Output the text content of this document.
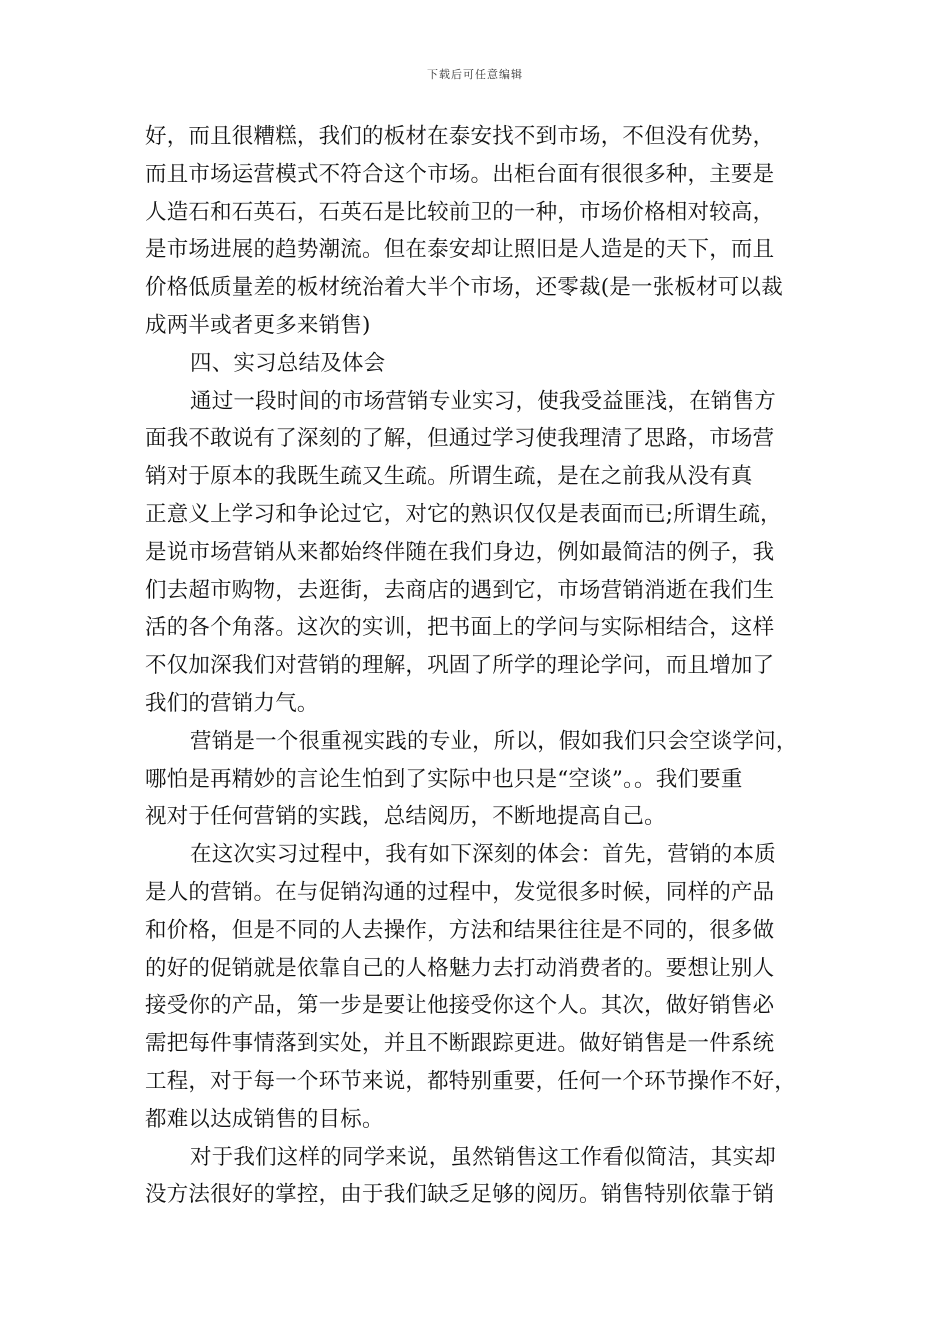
下载后可任意编辑
好，而且很糟糕，我们的板材在泰安找不到市场，不但没有优势，
而且市场运营模式不符合这个市场。出柜台面有很很多种，主要是
人造石和石英石，石英石是比较前卫的一种，市场价格相对较高，
是市场进展的趋势潮流。但在泰安却让照旧是人造是的天下，而且
价格低质量差的板材统治着大半个市场，还零裁(是一张板材可以裁
成两半或者更多来销售)
四、实习总结及体会
通过一段时间的市场营销专业实习，使我受益匪浅，在销售方
面我不敢说有了深刻的了解，但通过学习使我理清了思路，市场营
销对于原本的我既生疏又生疏。所谓生疏，是在之前我从没有真
正意义上学习和争论过它，对它的熟识仅仅是表面而已;所谓生疏，
是说市场营销从来都始终伴随在我们身边，例如最简洁的例子，我
们去超市购物，去逛街，去商店的遇到它，市场营销消逝在我们生
活的各个角落。这次的实训，把书面上的学问与实际相结合，这样
不仅加深我们对营销的理解，巩固了所学的理论学问，而且增加了
我们的营销力气。
营销是一个很重视实践的专业，所以，假如我们只会空谈学问，
哪怕是再精妙的言论生怕到了实际中也只是“空谈”。。我们要重
视对于任何营销的实践，总结阅历，不断地提高自己。
在这次实习过程中，我有如下深刻的体会：首先，营销的本质
是人的营销。在与促销沟通的过程中，发觉很多时候，同样的产品
和价格，但是不同的人去操作，方法和结果往往是不同的，很多做
的好的促销就是依靠自己的人格魅力去打动消费者的。要想让别人
接受你的产品，第一步是要让他接受你这个人。其次，做好销售必
需把每件事情落到实处，并且不断跟踪更进。做好销售是一件系统
工程，对于每一个环节来说，都特别重要，任何一个环节操作不好，
都难以达成销售的目标。
对于我们这样的同学来说，虽然销售这工作看似简洁，其实却
没方法很好的掌控，由于我们缺乏足够的阅历。销售特别依靠于销
